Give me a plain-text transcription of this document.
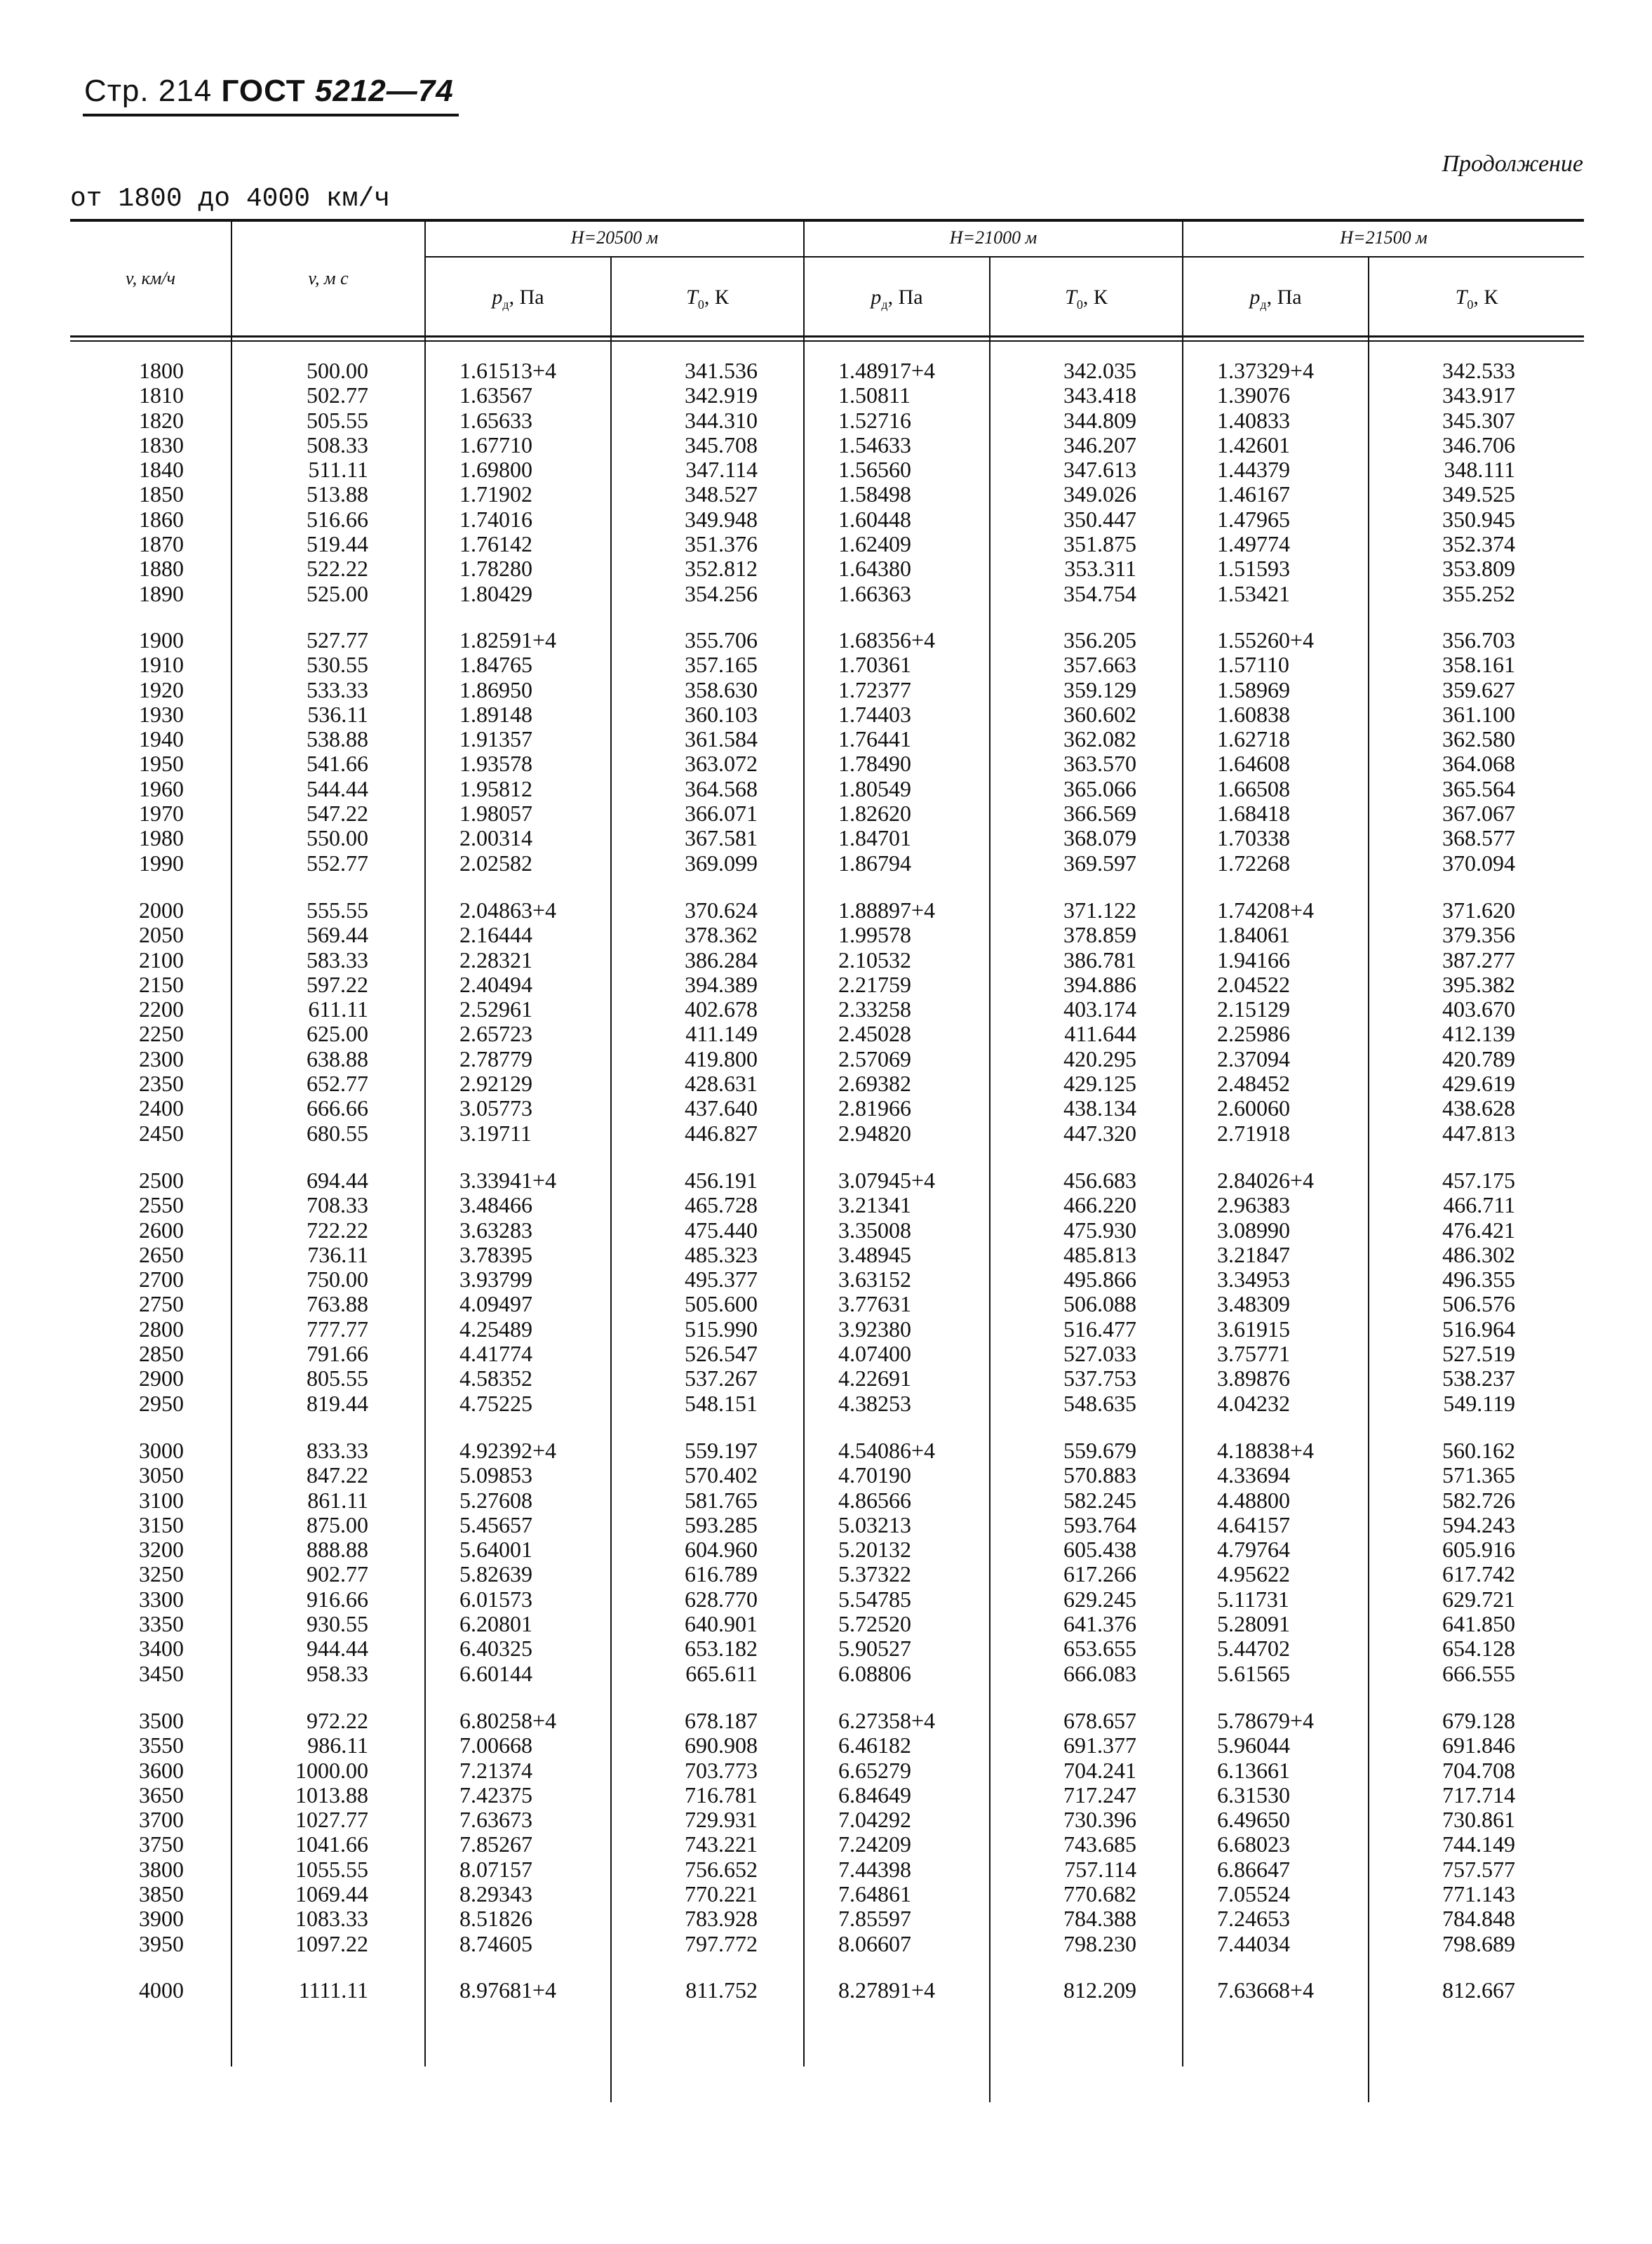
Стр. 214 ГОСТ 5212—74
Продолжение
от 1800 до 4000 км/ч
v, км/ч	v, м с
H=20500 м	H=21000 м	H=21500 м
$p_д$, Па	$T_0$, К	$p_д$, Па	$T_0$, К	$p_д$, Па	$T_0$, К
1800	500.00	1.61513+4	341.536	1.48917+4	342.035	1.37329+4	342.533
1810	502.77	1.63567	342.919	1.50811	343.418	1.39076	343.917
1820	505.55	1.65633	344.310	1.52716	344.809	1.40833	345.307
1830	508.33	1.67710	345.708	1.54633	346.207	1.42601	346.706
1840	511.11	1.69800	347.114	1.56560	347.613	1.44379	348.111
1850	513.88	1.71902	348.527	1.58498	349.026	1.46167	349.525
1860	516.66	1.74016	349.948	1.60448	350.447	1.47965	350.945
1870	519.44	1.76142	351.376	1.62409	351.875	1.49774	352.374
1880	522.22	1.78280	352.812	1.64380	353.311	1.51593	353.809
1890	525.00	1.80429	354.256	1.66363	354.754	1.53421	355.252
1900	527.77	1.82591+4	355.706	1.68356+4	356.205	1.55260+4	356.703
1910	530.55	1.84765	357.165	1.70361	357.663	1.57110	358.161
1920	533.33	1.86950	358.630	1.72377	359.129	1.58969	359.627
1930	536.11	1.89148	360.103	1.74403	360.602	1.60838	361.100
1940	538.88	1.91357	361.584	1.76441	362.082	1.62718	362.580
1950	541.66	1.93578	363.072	1.78490	363.570	1.64608	364.068
1960	544.44	1.95812	364.568	1.80549	365.066	1.66508	365.564
1970	547.22	1.98057	366.071	1.82620	366.569	1.68418	367.067
1980	550.00	2.00314	367.581	1.84701	368.079	1.70338	368.577
1990	552.77	2.02582	369.099	1.86794	369.597	1.72268	370.094
2000	555.55	2.04863+4	370.624	1.88897+4	371.122	1.74208+4	371.620
2050	569.44	2.16444	378.362	1.99578	378.859	1.84061	379.356
2100	583.33	2.28321	386.284	2.10532	386.781	1.94166	387.277
2150	597.22	2.40494	394.389	2.21759	394.886	2.04522	395.382
2200	611.11	2.52961	402.678	2.33258	403.174	2.15129	403.670
2250	625.00	2.65723	411.149	2.45028	411.644	2.25986	412.139
2300	638.88	2.78779	419.800	2.57069	420.295	2.37094	420.789
2350	652.77	2.92129	428.631	2.69382	429.125	2.48452	429.619
2400	666.66	3.05773	437.640	2.81966	438.134	2.60060	438.628
2450	680.55	3.19711	446.827	2.94820	447.320	2.71918	447.813
2500	694.44	3.33941+4	456.191	3.07945+4	456.683	2.84026+4	457.175
2550	708.33	3.48466	465.728	3.21341	466.220	2.96383	466.711
2600	722.22	3.63283	475.440	3.35008	475.930	3.08990	476.421
2650	736.11	3.78395	485.323	3.48945	485.813	3.21847	486.302
2700	750.00	3.93799	495.377	3.63152	495.866	3.34953	496.355
2750	763.88	4.09497	505.600	3.77631	506.088	3.48309	506.576
2800	777.77	4.25489	515.990	3.92380	516.477	3.61915	516.964
2850	791.66	4.41774	526.547	4.07400	527.033	3.75771	527.519
2900	805.55	4.58352	537.267	4.22691	537.753	3.89876	538.237
2950	819.44	4.75225	548.151	4.38253	548.635	4.04232	549.119
3000	833.33	4.92392+4	559.197	4.54086+4	559.679	4.18838+4	560.162
3050	847.22	5.09853	570.402	4.70190	570.883	4.33694	571.365
3100	861.11	5.27608	581.765	4.86566	582.245	4.48800	582.726
3150	875.00	5.45657	593.285	5.03213	593.764	4.64157	594.243
3200	888.88	5.64001	604.960	5.20132	605.438	4.79764	605.916
3250	902.77	5.82639	616.789	5.37322	617.266	4.95622	617.742
3300	916.66	6.01573	628.770	5.54785	629.245	5.11731	629.721
3350	930.55	6.20801	640.901	5.72520	641.376	5.28091	641.850
3400	944.44	6.40325	653.182	5.90527	653.655	5.44702	654.128
3450	958.33	6.60144	665.611	6.08806	666.083	5.61565	666.555
3500	972.22	6.80258+4	678.187	6.27358+4	678.657	5.78679+4	679.128
3550	986.11	7.00668	690.908	6.46182	691.377	5.96044	691.846
3600	1000.00	7.21374	703.773	6.65279	704.241	6.13661	704.708
3650	1013.88	7.42375	716.781	6.84649	717.247	6.31530	717.714
3700	1027.77	7.63673	729.931	7.04292	730.396	6.49650	730.861
3750	1041.66	7.85267	743.221	7.24209	743.685	6.68023	744.149
3800	1055.55	8.07157	756.652	7.44398	757.114	6.86647	757.577
3850	1069.44	8.29343	770.221	7.64861	770.682	7.05524	771.143
3900	1083.33	8.51826	783.928	7.85597	784.388	7.24653	784.848
3950	1097.22	8.74605	797.772	8.06607	798.230	7.44034	798.689
4000	1111.11	8.97681+4	811.752	8.27891+4	812.209	7.63668+4	812.667
